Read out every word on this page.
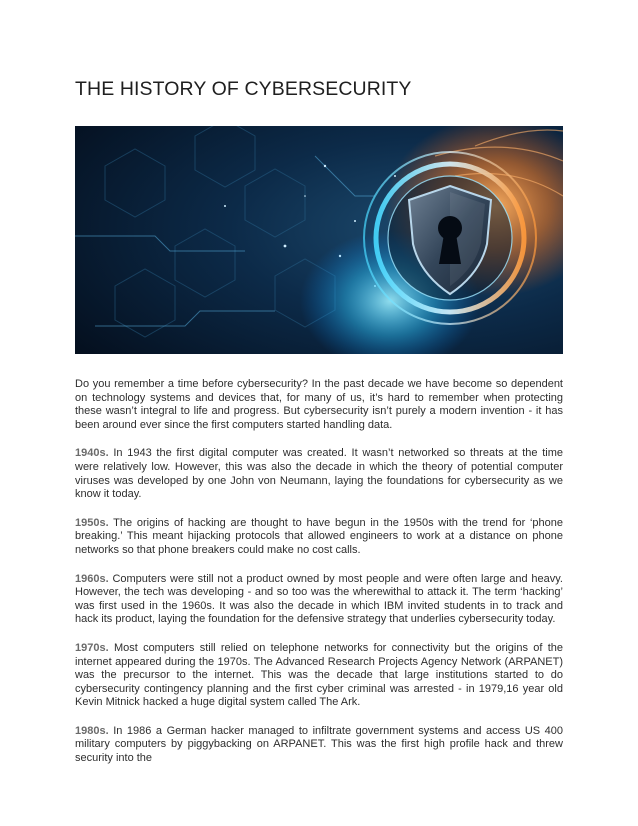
THE HISTORY OF CYBERSECURITY

Do you remember a time before cybersecurity? In the past decade we have become so dependent on technology systems and devices that, for many of us, it’s hard to remember when protecting these wasn’t integral to life and progress. But cybersecurity isn’t purely a modern invention - it has been around ever since the first computers started handling data.

1940s. In 1943 the first digital computer was created. It wasn’t networked so threats at the time were relatively low. However, this was also the decade in which the theory of potential computer viruses was developed by one John von Neumann, laying the foundations for cybersecurity as we know it today.

1950s. The origins of hacking are thought to have begun in the 1950s with the trend for ‘phone breaking.’ This meant hijacking protocols that allowed engineers to work at a distance on phone networks so that phone breakers could make no cost calls.

1960s. Computers were still not a product owned by most people and were often large and heavy. However, the tech was developing - and so too was the wherewithal to attack it. The term ‘hacking’ was first used in the 1960s. It was also the decade in which IBM invited students in to track and hack its product, laying the foundation for the defensive strategy that underlies cybersecurity today.

1970s. Most computers still relied on telephone networks for connectivity but the origins of the internet appeared during the 1970s. The Advanced Research Projects Agency Network (ARPANET) was the precursor to the internet. This was the decade that large institutions started to do cybersecurity contingency planning and the first cyber criminal was arrested - in 1979,16 year old Kevin Mitnick hacked a huge digital system called The Ark.

1980s. In 1986 a German hacker managed to infiltrate government systems and access US 400 military computers by piggybacking on ARPANET. This was the first high profile hack and threw security into the
